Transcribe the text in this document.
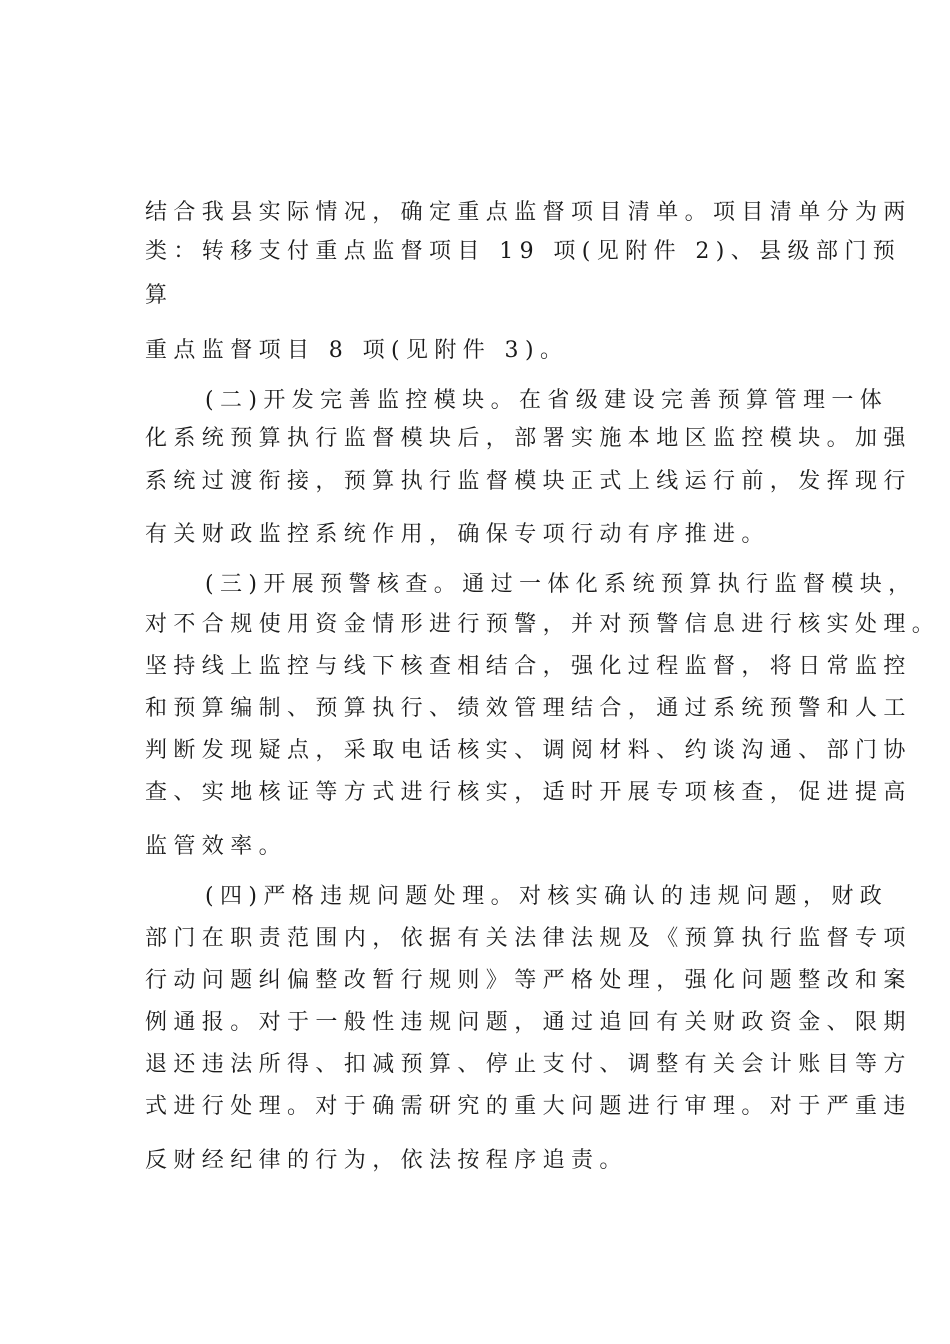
结合我县实际情况，确定重点监督项目清单。项目清单分为两
类：转移支付重点监督项目 19 项(见附件 2)、县级部门预
算
重点监督项目 8 项(见附件 3)。
(二)开发完善监控模块。在省级建设完善预算管理一体
化系统预算执行监督模块后，部署实施本地区监控模块。加强
系统过渡衔接，预算执行监督模块正式上线运行前，发挥现行
有关财政监控系统作用，确保专项行动有序推进。
(三)开展预警核查。通过一体化系统预算执行监督模块，
对不合规使用资金情形进行预警，并对预警信息进行核实处理。
坚持线上监控与线下核查相结合，强化过程监督，将日常监控
和预算编制、预算执行、绩效管理结合，通过系统预警和人工
判断发现疑点，采取电话核实、调阅材料、约谈沟通、部门协
查、实地核证等方式进行核实，适时开展专项核查，促进提高
监管效率。
(四)严格违规问题处理。对核实确认的违规问题，财政
部门在职责范围内，依据有关法律法规及《预算执行监督专项
行动问题纠偏整改暂行规则》等严格处理，强化问题整改和案
例通报。对于一般性违规问题，通过追回有关财政资金、限期
退还违法所得、扣减预算、停止支付、调整有关会计账目等方
式进行处理。对于确需研究的重大问题进行审理。对于严重违
反财经纪律的行为，依法按程序追责。
